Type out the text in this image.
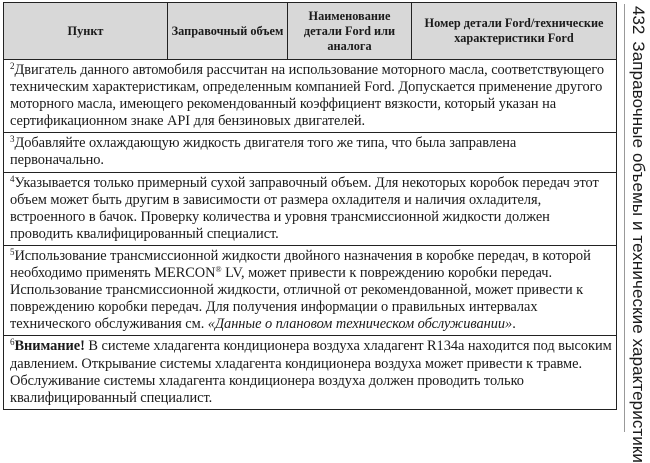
Пункт	Заправочный объем	Наименование детали Ford или аналога	Номер детали Ford/технические характеристики Ford
$^2$Двигатель данного автомобиля рассчитан на использование моторного масла, соответствующего техническим характеристикам, определенным компанией Ford. Допускается применение другого моторного масла, имеющего рекомендованный коэффициент вязкости, который указан на сертификационном знаке API для бензиновых двигателей.
$^3$Добавляйте охлаждающую жидкость двигателя того же типа, что была заправлена первоначально.
$^4$Указывается только примерный сухой заправочный объем. Для некоторых коробок передач этот объем может быть другим в зависимости от размера охладителя и наличия охладителя, встроенного в бачок. Проверку количества и уровня трансмиссионной жидкости должен проводить квалифицированный специалист.
$^5$Использование трансмиссионной жидкости двойного назначения в коробке передач, в которой необходимо применять MERCON® LV, может привести к повреждению коробки передач. Использование трансмиссионной жидкости, отличной от рекомендованной, может привести к повреждению коробки передач. Для получения информации о правильных интервалах технического обслуживания см. «Данные о плановом техническом обслуживании».
$^6$Внимание! В системе хладагента кондиционера воздуха хладагент R134a находится под высоким давлением. Открывание системы хладагента кондиционера воздуха может привести к травме. Обслуживание системы хладагента кондиционера воздуха должен проводить только квалифицированный специалист.
432Заправочные объемы и технические характеристики
